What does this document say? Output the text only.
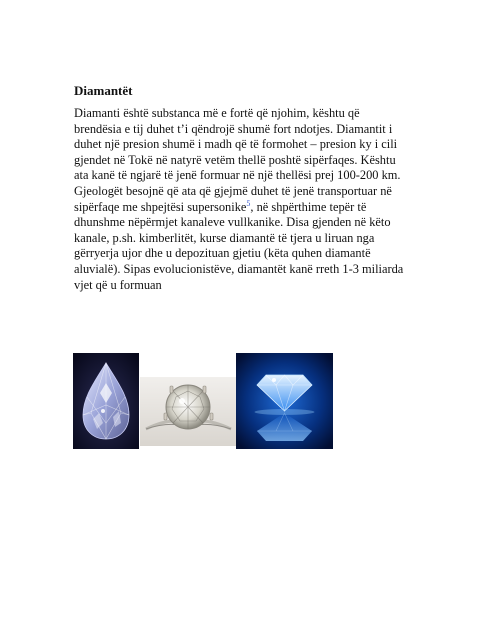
Diamantët
Diamanti është substanca më e fortë që njohim, kështu që
brendësia e tij duhet t’i qëndrojë shumë fort ndotjes. Diamantit i
duhet një presion shumë i madh që të formohet – presion ky i cili
gjendet në Tokë në natyrë vetëm thellë poshtë sipërfaqes. Kështu
ata kanë të ngjarë të jenë formuar në një thellësi prej 100-200 km.
Gjeologët besojnë që ata që gjejmë duhet të jenë transportuar në
sipërfaqe me shpejtësi supersonike$^5$, në shpërthime tepër të
dhunshme nëpërmjet kanaleve vullkanike. Disa gjenden në këto
kanale, p.sh. kimberlitët, kurse diamantë të tjera u liruan nga
gërryerja ujor dhe u depozituan gjetiu (këta quhen diamantë
aluvialë). Sipas evolucionistëve, diamantët kanë rreth 1-3 miliarda
vjet që u formuan
